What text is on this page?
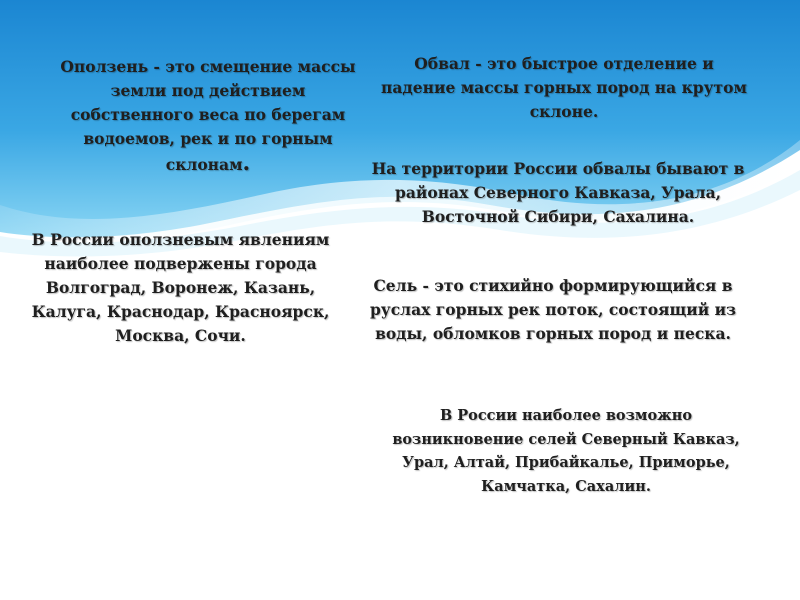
Оползень - это смещение массы земли под действием собственного веса по берегам водоемов, рек и по горным склонам.
В России оползневым явлениям наиболее подвержены города Волгоград, Воронеж, Казань, Калуга, Краснодар, Красноярск, Москва, Сочи.
Обвал - это быстрое отделение и падение массы горных пород на крутом склоне.
На территории России обвалы бывают в районах Северного Кавказа, Урала, Восточной Сибири, Сахалина.
Сель - это стихийно формирующийся в руслах горных рек поток, состоящий из воды, обломков горных пород и песка.
В России наиболее возможно возникновение селей Северный Кавказ, Урал, Алтай, Прибайкалье, Приморье, Камчатка, Сахалин.
